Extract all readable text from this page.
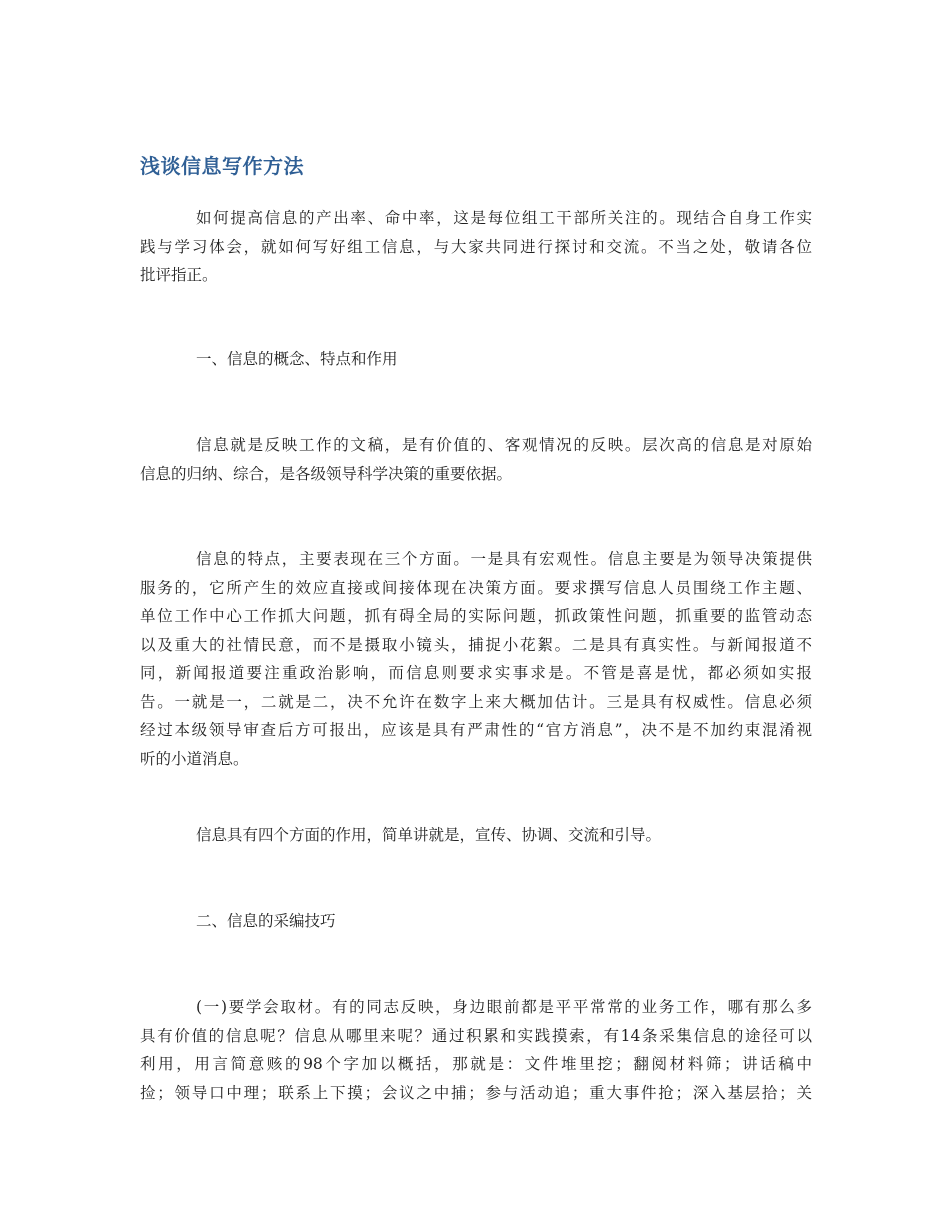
浅谈信息写作方法
如何提高信息的产出率、命中率，这是每位组工干部所关注的。现结合自身工作实
践与学习体会，就如何写好组工信息，与大家共同进行探讨和交流。不当之处，敬请各位
批评指正。
一、信息的概念、特点和作用
信息就是反映工作的文稿，是有价值的、客观情况的反映。层次高的信息是对原始
信息的归纳、综合，是各级领导科学决策的重要依据。
信息的特点，主要表现在三个方面。一是具有宏观性。信息主要是为领导决策提供
服务的，它所产生的效应直接或间接体现在决策方面。要求撰写信息人员围绕工作主题、
单位工作中心工作抓大问题，抓有碍全局的实际问题，抓政策性问题，抓重要的监管动态
以及重大的社情民意，而不是摄取小镜头，捕捉小花絮。二是具有真实性。与新闻报道不
同，新闻报道要注重政治影响，而信息则要求实事求是。不管是喜是忧，都必须如实报
告。一就是一，二就是二，决不允许在数字上来大概加估计。三是具有权威性。信息必须
经过本级领导审查后方可报出，应该是具有严肃性的“官方消息”，决不是不加约束混淆视
听的小道消息。
信息具有四个方面的作用，简单讲就是，宣传、协调、交流和引导。
二、信息的采编技巧
(一)要学会取材。有的同志反映，身边眼前都是平平常常的业务工作，哪有那么多
具有价值的信息呢？信息从哪里来呢？通过积累和实践摸索，有14条采集信息的途径可以
利用，用言简意赅的98个字加以概括，那就是：文件堆里挖；翻阅材料筛；讲话稿中
捡；领导口中理；联系上下摸；会议之中捕；参与活动追；重大事件抢；深入基层拾；关
